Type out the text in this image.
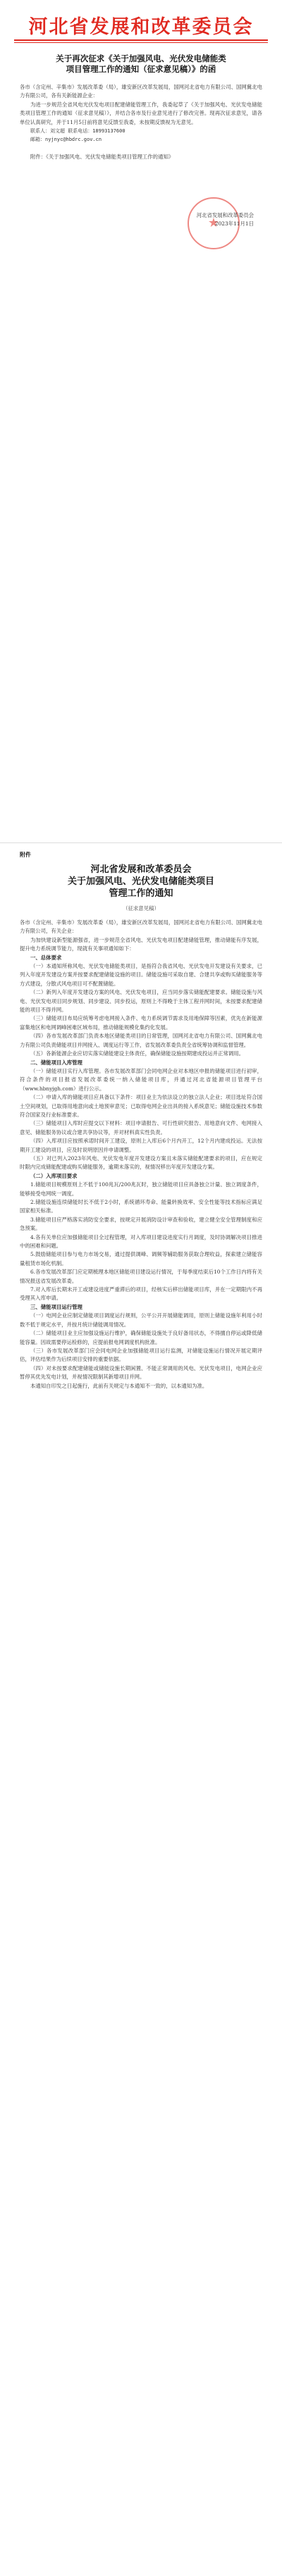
河北省发展和改革委员会
关于再次征求《关于加强风电、光伏发电储能类
项目管理工作的通知（征求意见稿）》的函

各市（含定州、辛集市）发展改革委（局），雄安新区改革发展局，国网河北省电力有限公司、国网冀北电力有限公司，各有关新能源企业：

为进一步规范全省风电光伏发电项目配建储能管理工作，我委起草了《关于加强风电、光伏发电储能类项目管理工作的通知（征求意见稿）》，并结合各市及行业意见进行了修改完善。现再次征求意见，请各单位认真研究，并于11月5日前将意见反馈至我委，未按期反馈视为无意见。

联系人：刘文超 联系电话：18993137600

邮箱：nyjnyc@hbdrc.gov.cn

附件：《关于加强风电、光伏发电储能类项目管理工作的通知》

★
河北省发展和改革委员会
2023年11月1日
附件
河北省发展和改革委员会
关于加强风电、光伏发电储能类项目
管理工作的通知
（征求意见稿）

各市（含定州、辛集市）发展改革委（局），雄安新区改革发展局，国网河北省电力有限公司、国网冀北电力有限公司，有关企业：

为加快建设新型能源强省，进一步规范全省风电、光伏发电项目配建储能管理，推动储能有序发展，提升电力系统调节能力，现就有关事项通知如下：

一、总体要求

（一）本通知所称风电、光伏发电储能类项目，是指符合我省风电、光伏发电开发建设有关要求，已列入年度开发建设方案并按要求配建储能设施的项目。储能设施可采取自建、合建共享或购买储能服务等方式建设，分散式风电项目可不配置储能。

（二）新列入年度开发建设方案的风电、光伏发电项目，应当同步落实储能配建要求。储能设施与风电、光伏发电项目同步规划、同步建设、同步投运，原则上不得晚于主体工程并网时间，未按要求配建储能的项目不得并网。

（三）储能项目布局应统筹考虑电网接入条件、电力系统调节需求及用地保障等因素，优先在新能源富集地区和电网调峰困难区域布局，推动储能规模化集约化发展。

（四）各市发展改革部门负责本地区储能类项目的日常管理，国网河北省电力有限公司、国网冀北电力有限公司负责储能项目并网接入、调度运行等工作，省发展改革委负责全省统筹协调和监督管理。

（五）各新能源企业应切实落实储能建设主体责任，确保储能设施按期建成投运并正常调用。

二、储能项目入库管理

（一）储能项目实行入库管理。各市发展改革部门会同电网企业对本地区申报的储能项目进行初审，符合条件的项目报省发展改革委统一纳入储能项目库，并通过河北省能源项目管理平台（www.hbnyjgh.com）进行公示。

（二）申请入库的储能项目应具备以下条件：项目业主为依法设立的独立法人企业；项目选址符合国土空间规划，已取得用地意向或土地预审意见；已取得电网企业出具的接入系统意见；储能设施技术参数符合国家及行业标准要求。

（三）储能项目入库时应提交以下材料：项目申请报告、可行性研究报告、用地意向文件、电网接入意见、储能服务协议或合建共享协议等，并对材料真实性负责。

（四）入库项目应按照承诺时间开工建设，原则上入库后6个月内开工，12个月内建成投运。无法按期开工建设的项目，应及时说明原因并申请调整。

（五）对已列入2023年风电、光伏发电年度开发建设方案且未落实储能配建要求的项目，应在规定时限内完成储能配建或购买储能服务，逾期未落实的，视情况移出年度开发建设方案。

（二）入库项目要求

1.储能项目规模原则上不低于100兆瓦/200兆瓦时，独立储能项目应具备独立计量、独立调度条件，能够接受电网统一调度。

2.储能设施连续储能时长不低于2小时，系统循环寿命、能量转换效率、安全性能等技术指标应满足国家相关标准。

3.储能项目应严格落实消防安全要求，按规定开展消防设计审查和验收，建立健全安全管理制度和应急预案。

4.各有关单位应加强储能项目全过程管理，对入库项目建设进度实行月调度，及时协调解决项目推进中的困难和问题。

5.鼓励储能项目参与电力市场交易，通过提供调峰、调频等辅助服务获取合理收益，探索建立储能容量租赁市场化机制。

6.各市发展改革部门应定期梳理本地区储能项目建设运行情况，于每季度结束后10个工作日内将有关情况报送省发展改革委。

7.对入库后长期未开工或建设进度严重滞后的项目，经核实后移出储能项目库，并在一定期限内不再受理其入库申请。

三、储能项目运行管理

（一）电网企业应制定储能项目调度运行规则，公平公开开展储能调用，原则上储能设施年利用小时数不低于规定水平，并按月统计储能调用情况。

（二）储能项目业主应加强设施运行维护，确保储能设施处于良好备用状态，不得擅自停运或降低储能容量。因故需要停运检修的，应提前报电网调度机构批准。

（三）各市发展改革部门应会同电网企业加强储能项目运行监测，对储能设施运行情况开展定期评估，评估结果作为后续项目安排的重要依据。

（四）对未按要求配建储能或储能设施长期闲置、不能正常调用的风电、光伏发电项目，电网企业应暂停其优先发电计划，并视情况限制其新增项目并网。

本通知自印发之日起施行，此前有关规定与本通知不一致的，以本通知为准。
